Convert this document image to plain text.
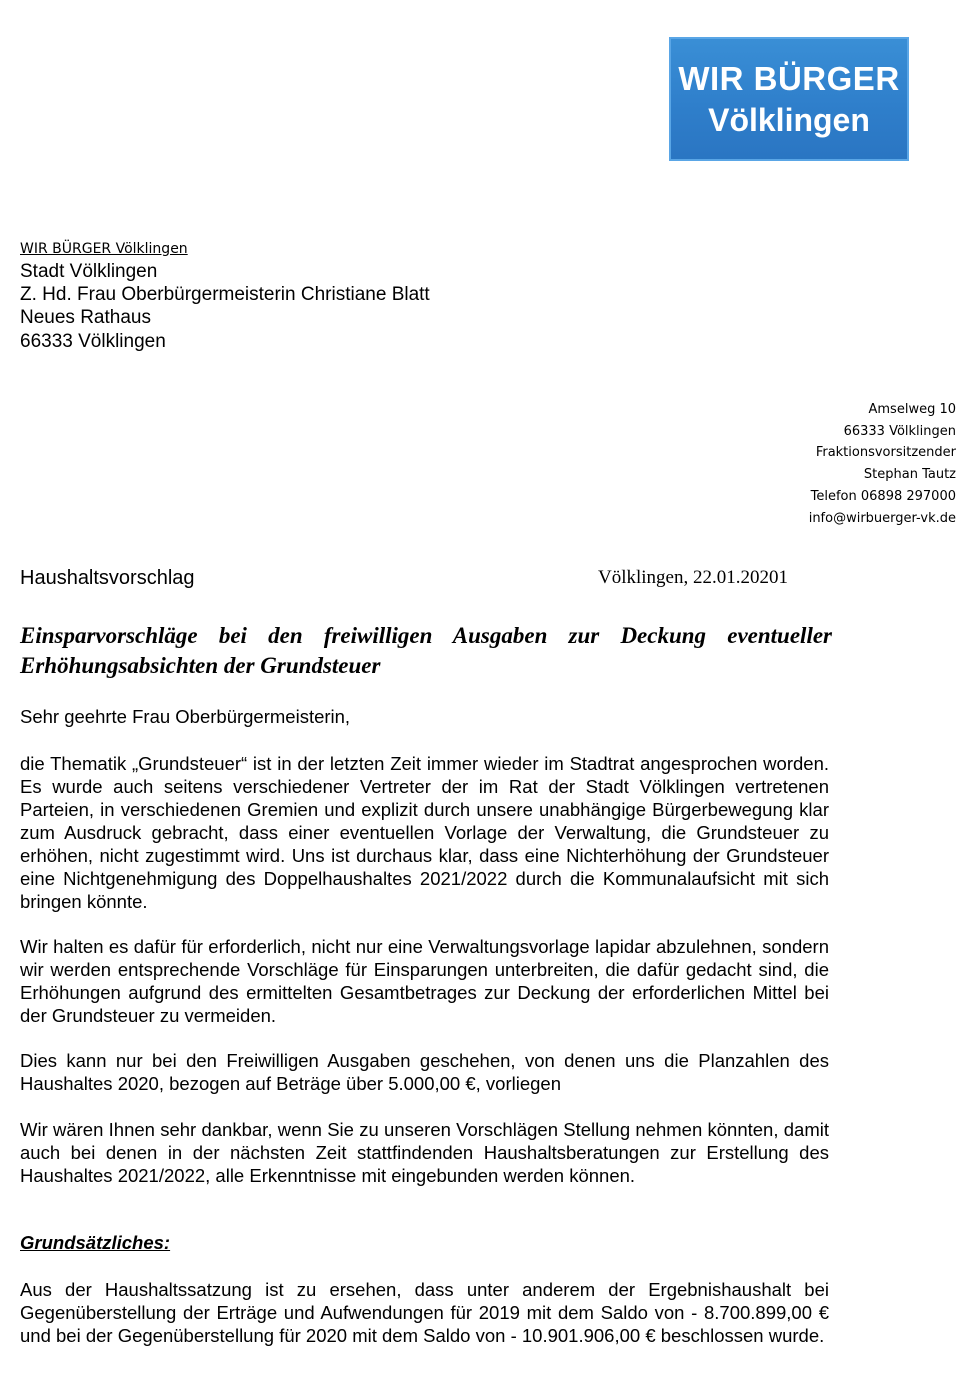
WIR BÜRGER
Völklingen
WIR BÜRGER Völklingen
Stadt Völklingen
Z. Hd. Frau Oberbürgermeisterin Christiane Blatt
Neues Rathaus
66333 Völklingen
Amselweg 10
66333 Völklingen
Fraktionsvorsitzender
Stephan Tautz
Telefon 06898 297000
info@wirbuerger-vk.de
Haushaltsvorschlag	Völklingen, 22.01.20201
Einsparvorschläge bei den freiwilligen Ausgaben zur Deckung eventueller Erhöhungsabsichten der Grundsteuer
Sehr geehrte Frau Oberbürgermeisterin,

die Thematik „Grundsteuer“ ist in der letzten Zeit immer wieder im Stadtrat angesprochen worden. Es wurde auch seitens verschiedener Vertreter der im Rat der Stadt Völklingen vertretenen Parteien, in verschiedenen Gremien und explizit durch unsere unabhängige Bürgerbewegung klar zum Ausdruck gebracht, dass einer eventuellen Vorlage der Verwaltung, die Grundsteuer zu erhöhen, nicht zugestimmt wird. Uns ist durchaus klar, dass eine Nichterhöhung der Grundsteuer eine Nichtgenehmigung des Doppelhaushaltes 2021/2022 durch die Kommunalaufsicht mit sich bringen könnte.

Wir halten es dafür für erforderlich, nicht nur eine Verwaltungsvorlage lapidar abzulehnen, sondern wir werden entsprechende Vorschläge für Einsparungen unterbreiten, die dafür gedacht sind, die Erhöhungen aufgrund des ermittelten Gesamtbetrages zur Deckung der erforderlichen Mittel bei der Grundsteuer zu vermeiden.

Dies kann nur bei den Freiwilligen Ausgaben geschehen, von denen uns die Planzahlen des Haushaltes 2020, bezogen auf Beträge über 5.000,00 €, vorliegen

Wir wären Ihnen sehr dankbar, wenn Sie zu unseren Vorschlägen Stellung nehmen könnten, damit auch bei denen in der nächsten Zeit stattfindenden Haushaltsberatungen zur Erstellung des Haushaltes 2021/2022, alle Erkenntnisse mit eingebunden werden können.

Grundsätzliches:

Aus der Haushaltssatzung ist zu ersehen, dass unter anderem der Ergebnishaushalt bei Gegenüberstellung der Erträge und Aufwendungen für 2019 mit dem Saldo von - 8.700.899,00 € und bei der Gegenüberstellung für 2020 mit dem Saldo von - 10.901.906,00 € beschlossen wurde.
